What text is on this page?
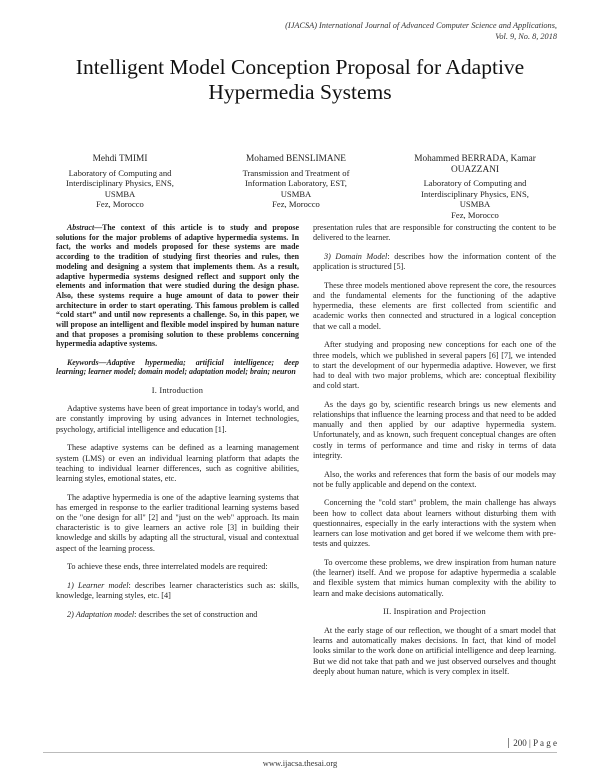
(IJACSA) International Journal of Advanced Computer Science and Applications,
Vol. 9, No. 8, 2018
Intelligent Model Conception Proposal for Adaptive
Hypermedia Systems
Mehdi TMIMI
Laboratory of Computing and
Interdisciplinary Physics, ENS,
USMBA
Fez, Morocco
Mohamed BENSLIMANE
Transmission and Treatment of
Information Laboratory, EST,
USMBA
Fez, Morocco
Mohammed BERRADA, Kamar
OUAZZANI
Laboratory of Computing and
Interdisciplinary Physics, ENS,
USMBA
Fez, Morocco

Abstract—The context of this article is to study and propose solutions for the major problems of adaptive hypermedia systems. In fact, the works and models proposed for these systems are made according to the tradition of studying first theories and rules, then modeling and designing a system that implements them. As a result, adaptive hypermedia systems designed reflect and support only the elements and information that were studied during the design phase. Also, these systems require a huge amount of data to power their architecture in order to start operating. This famous problem is called “cold start” and until now represents a challenge. So, in this paper, we will propose an intelligent and flexible model inspired by human nature and that proposes a promising solution to these problems concerning hypermedia adaptive systems.

Keywords—Adaptive hypermedia; artificial intelligence; deep learning; learner model; domain model; adaptation model; brain; neuron

I. Introduction

Adaptive systems have been of great importance in today's world, and are constantly improving by using advances in Internet technologies, psychology, artificial intelligence and education [1].

These adaptive systems can be defined as a learning management system (LMS) or even an individual learning platform that adapts the teaching to individual learner differences, such as cognitive abilities, learning styles, emotional states, etc.

The adaptive hypermedia is one of the adaptive learning systems that has emerged in response to the earlier traditional learning systems based on the "one design for all" [2] and "just on the web" approach. Its main characteristic is to give learners an active role [3] in building their knowledge and skills by adapting all the structural, visual and contextual aspect of the learning process.

To achieve these ends, three interrelated models are required:

1) Learner model: describes learner characteristics such as: skills, knowledge, learning styles, etc. [4]

2) Adaptation model: describes the set of construction and

presentation rules that are responsible for constructing the content to be delivered to the learner.

3) Domain Model: describes how the information content of the application is structured [5].

These three models mentioned above represent the core, the resources and the fundamental elements for the functioning of the adaptive hypermedia, these elements are first collected from scientific and academic works then connected and structured in a logical conception that we call a model.

After studying and proposing new conceptions for each one of the three models, which we published in several papers [6] [7], we intended to start the development of our hypermedia adaptive. However, we first had to deal with two major problems, which are: conceptual flexibility and cold start.

As the days go by, scientific research brings us new elements and relationships that influence the learning process and that need to be added manually and then applied by our adaptive hypermedia system. Unfortunately, and as known, such frequent conceptual changes are often costly in terms of performance and time and risky in terms of data integrity.

Also, the works and references that form the basis of our models may not be fully applicable and depend on the context.

Concerning the "cold start" problem, the main challenge has always been how to collect data about learners without disturbing them with questionnaires, especially in the early interactions with the system when learners can lose motivation and get bored if we welcome them with pre-tests and quizzes.

To overcome these problems, we drew inspiration from human nature (the learner) itself. And we propose for adaptive hypermedia a scalable and flexible system that mimics human complexity with the ability to learn and make decisions automatically.

II. Inspiration and Projection

At the early stage of our reflection, we thought of a smart model that learns and automatically makes decisions. In fact, that kind of model looks similar to the work done on artificial intelligence and deep learning. But we did not take that path and we just observed ourselves and thought deeply about human nature, which is very complex in itself.

200 | P a g e
www.ijacsa.thesai.org
